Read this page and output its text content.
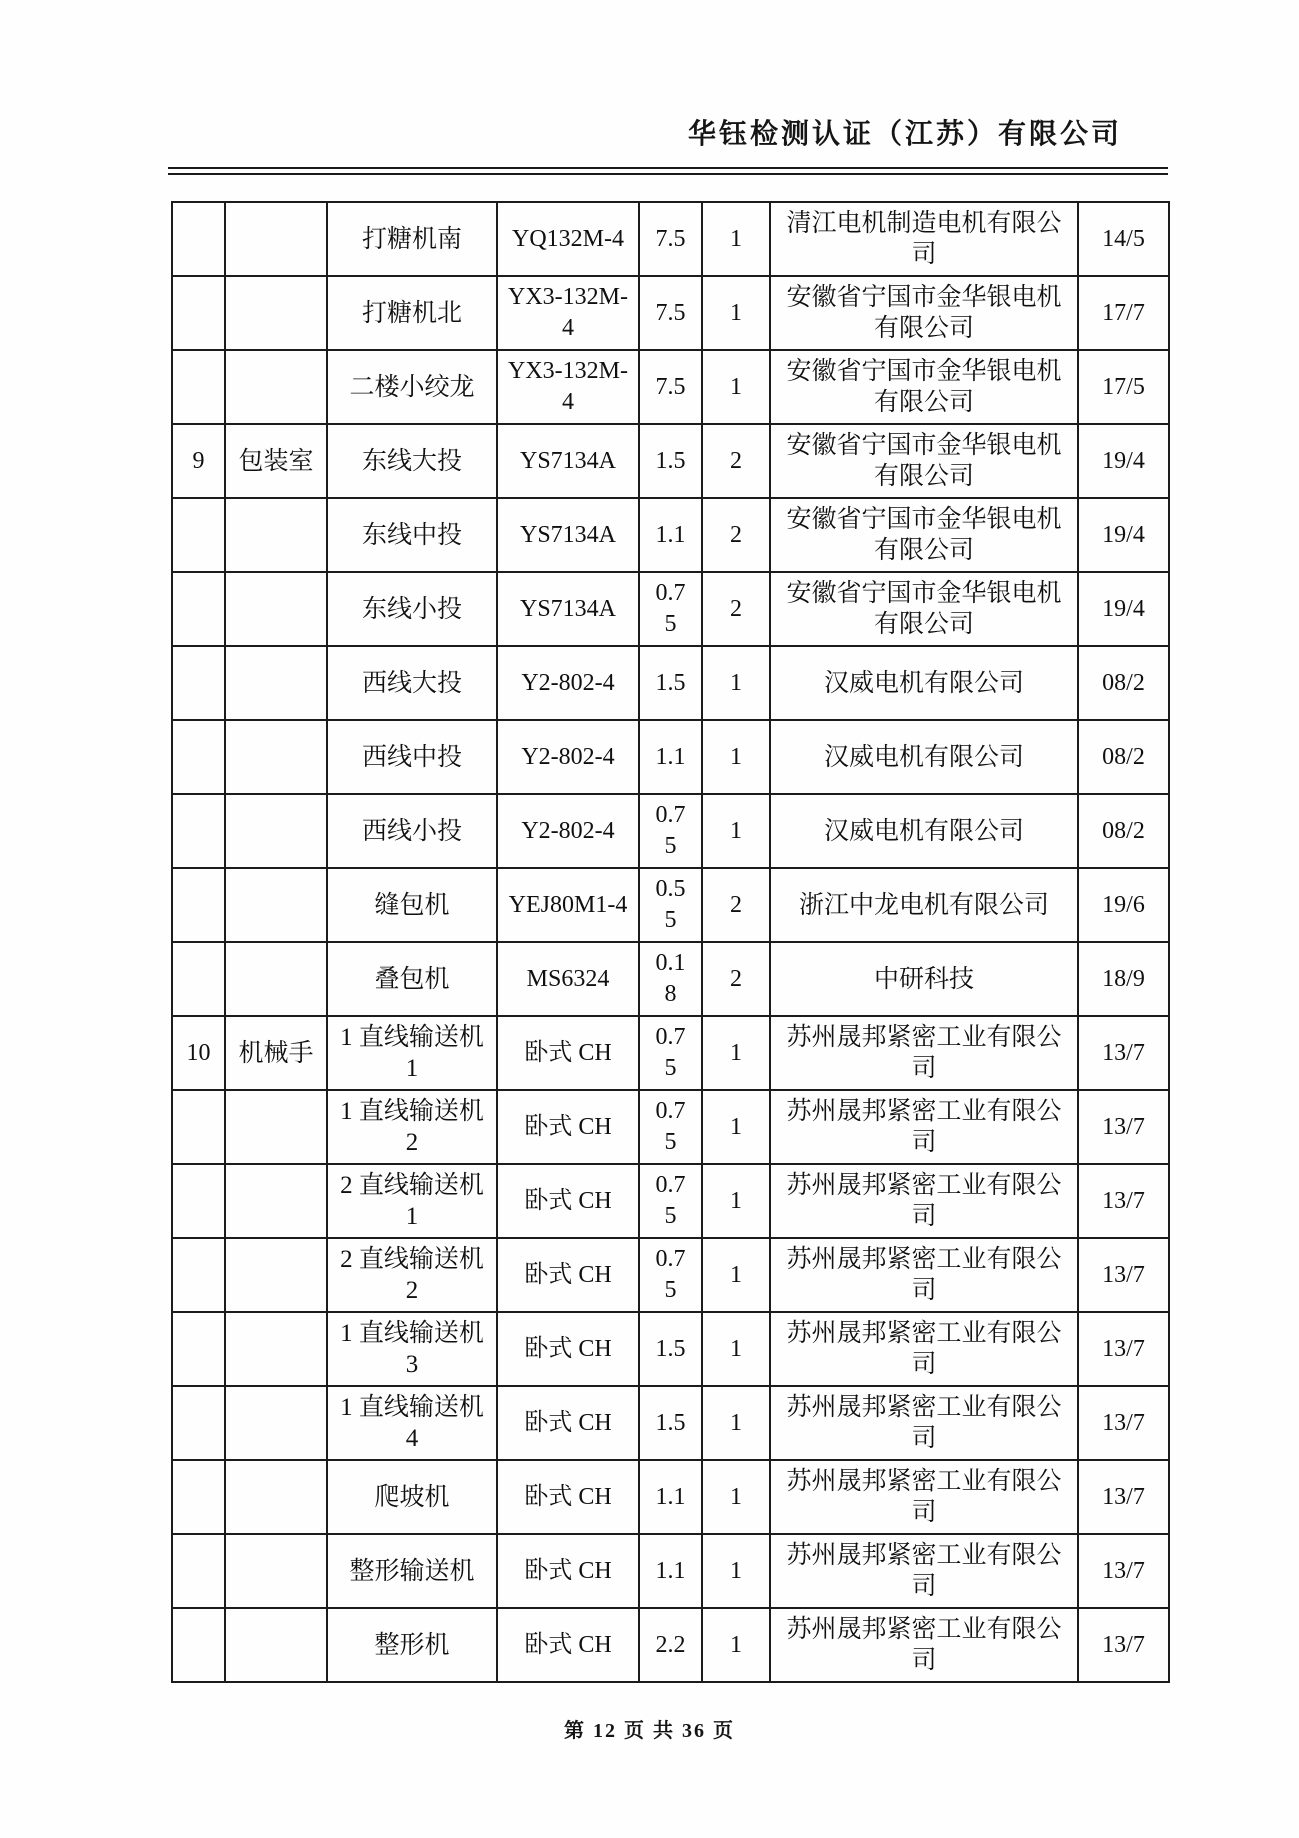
华钰检测认证（江苏）有限公司
		打糖机南	YQ132M-4	7.5	1	清江电机制造电机有限公司	14/5
		打糖机北	YX3-132M-4	7.5	1	安徽省宁国市金华银电机有限公司	17/7
		二楼小绞龙	YX3-132M-4	7.5	1	安徽省宁国市金华银电机有限公司	17/5
9	包装室	东线大投	YS7134A	1.5	2	安徽省宁国市金华银电机有限公司	19/4
		东线中投	YS7134A	1.1	2	安徽省宁国市金华银电机有限公司	19/4
		东线小投	YS7134A	0.75	2	安徽省宁国市金华银电机有限公司	19/4
		西线大投	Y2-802-4	1.5	1	汉威电机有限公司	08/2
		西线中投	Y2-802-4	1.1	1	汉威电机有限公司	08/2
		西线小投	Y2-802-4	0.75	1	汉威电机有限公司	08/2
		缝包机	YEJ80M1-4	0.55	2	浙江中龙电机有限公司	19/6
		叠包机	MS6324	0.18	2	中研科技	18/9
10	机械手	1 直线输送机 1	卧式 CH	0.75	1	苏州晟邦紧密工业有限公司	13/7
		1 直线输送机 2	卧式 CH	0.75	1	苏州晟邦紧密工业有限公司	13/7
		2 直线输送机 1	卧式 CH	0.75	1	苏州晟邦紧密工业有限公司	13/7
		2 直线输送机 2	卧式 CH	0.75	1	苏州晟邦紧密工业有限公司	13/7
		1 直线输送机 3	卧式 CH	1.5	1	苏州晟邦紧密工业有限公司	13/7
		1 直线输送机 4	卧式 CH	1.5	1	苏州晟邦紧密工业有限公司	13/7
		爬坡机	卧式 CH	1.1	1	苏州晟邦紧密工业有限公司	13/7
		整形输送机	卧式 CH	1.1	1	苏州晟邦紧密工业有限公司	13/7
		整形机	卧式 CH	2.2	1	苏州晟邦紧密工业有限公司	13/7
第 12 页 共 36 页
